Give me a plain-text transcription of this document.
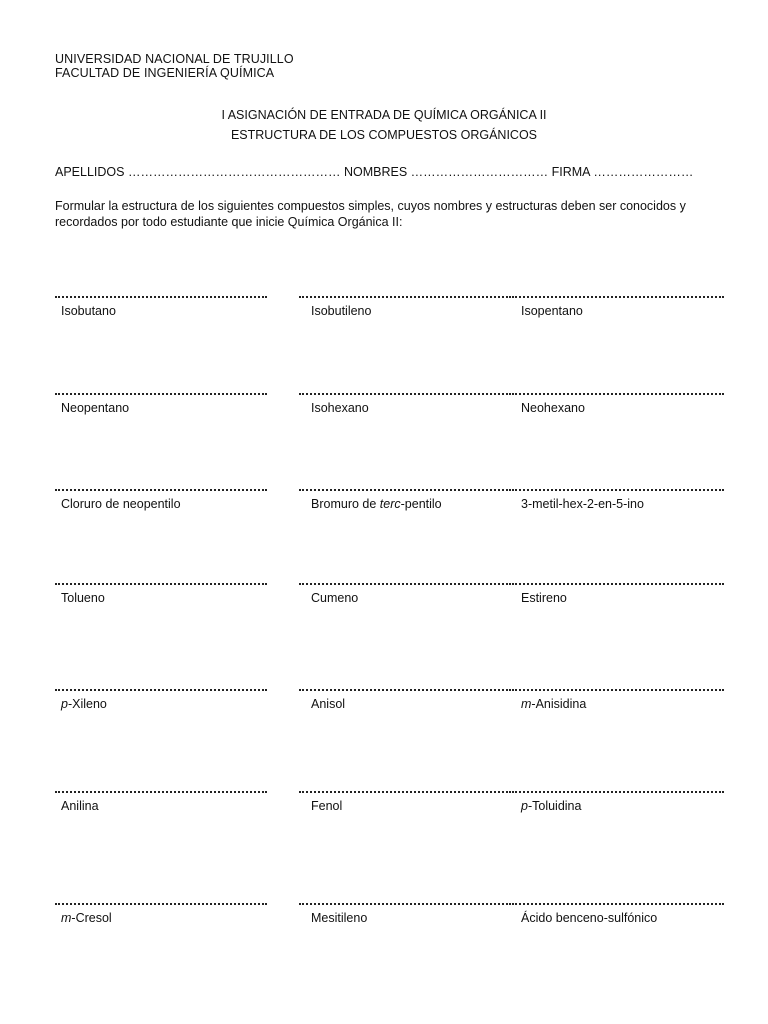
UNIVERSIDAD NACIONAL DE TRUJILLO
FACULTAD DE INGENIERÍA QUÍMICA
I ASIGNACIÓN DE ENTRADA DE QUÍMICA ORGÁNICA II
ESTRUCTURA DE LOS COMPUESTOS ORGÁNICOS
APELLIDOS …………………………………………… NOMBRES …………………………… FIRMA ……………………
Formular la estructura de los siguientes compuestos simples, cuyos nombres y estructuras deben ser conocidos y recordados por todo estudiante que inicie Química Orgánica II:
Isobutano	Isobutileno	Isopentano
Neopentano	Isohexano	Neohexano
Cloruro de neopentilo	Bromuro de terc-pentilo	3-metil-hex-2-en-5-ino
Tolueno	Cumeno	Estireno
p-Xileno	Anisol	m-Anisidina
Anilina	Fenol	p-Toluidina
m-Cresol	Mesitileno	Ácido benceno-sulfónico
